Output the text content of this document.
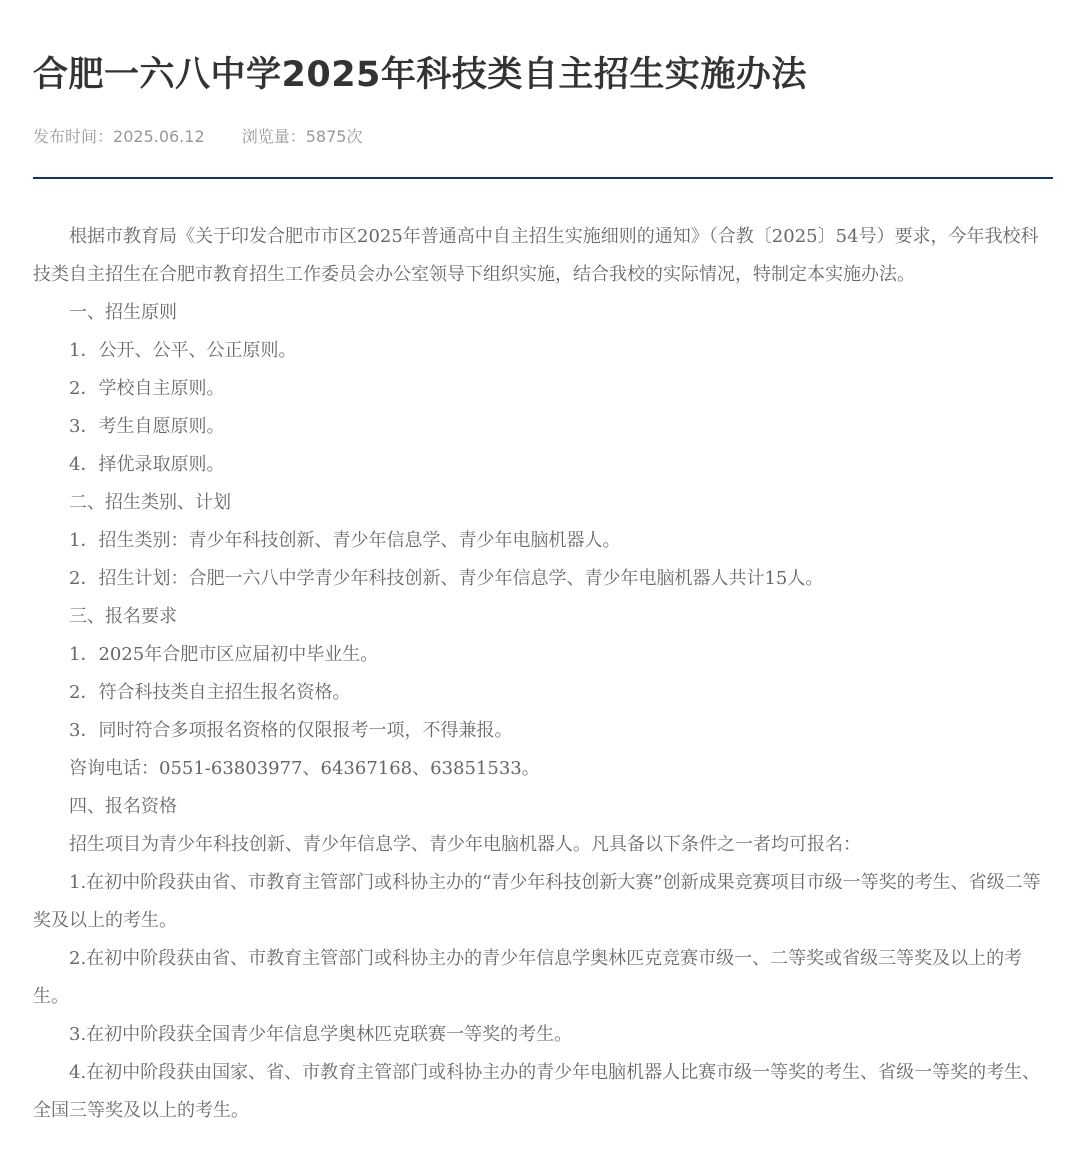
合肥一六八中学2025年科技类自主招生实施办法
发布时间：2025.06.12 浏览量：5875次

根据市教育局《关于印发合肥市市区2025年普通高中自主招生实施细则的通知》（合教〔2025〕54号）要求，今年我校科技类自主招生在合肥市教育招生工作委员会办公室领导下组织实施，结合我校的实际情况，特制定本实施办法。

一、招生原则

1．公开、公平、公正原则。

2．学校自主原则。

3．考生自愿原则。

4．择优录取原则。

二、招生类别、计划

1．招生类别：青少年科技创新、青少年信息学、青少年电脑机器人。

2．招生计划：合肥一六八中学青少年科技创新、青少年信息学、青少年电脑机器人共计15人。

三、报名要求

1．2025年合肥市区应届初中毕业生。

2．符合科技类自主招生报名资格。

3．同时符合多项报名资格的仅限报考一项，不得兼报。

咨询电话：0551-63803977、64367168、63851533。

四、报名资格

招生项目为青少年科技创新、青少年信息学、青少年电脑机器人。凡具备以下条件之一者均可报名：

1.在初中阶段获由省、市教育主管部门或科协主办的“青少年科技创新大赛”创新成果竞赛项目市级一等奖的考生、省级二等奖及以上的考生。

2.在初中阶段获由省、市教育主管部门或科协主办的青少年信息学奥林匹克竞赛市级一、二等奖或省级三等奖及以上的考生。

3.在初中阶段获全国青少年信息学奥林匹克联赛一等奖的考生。

4.在初中阶段获由国家、省、市教育主管部门或科协主办的青少年电脑机器人比赛市级一等奖的考生、省级一等奖的考生、全国三等奖及以上的考生。
